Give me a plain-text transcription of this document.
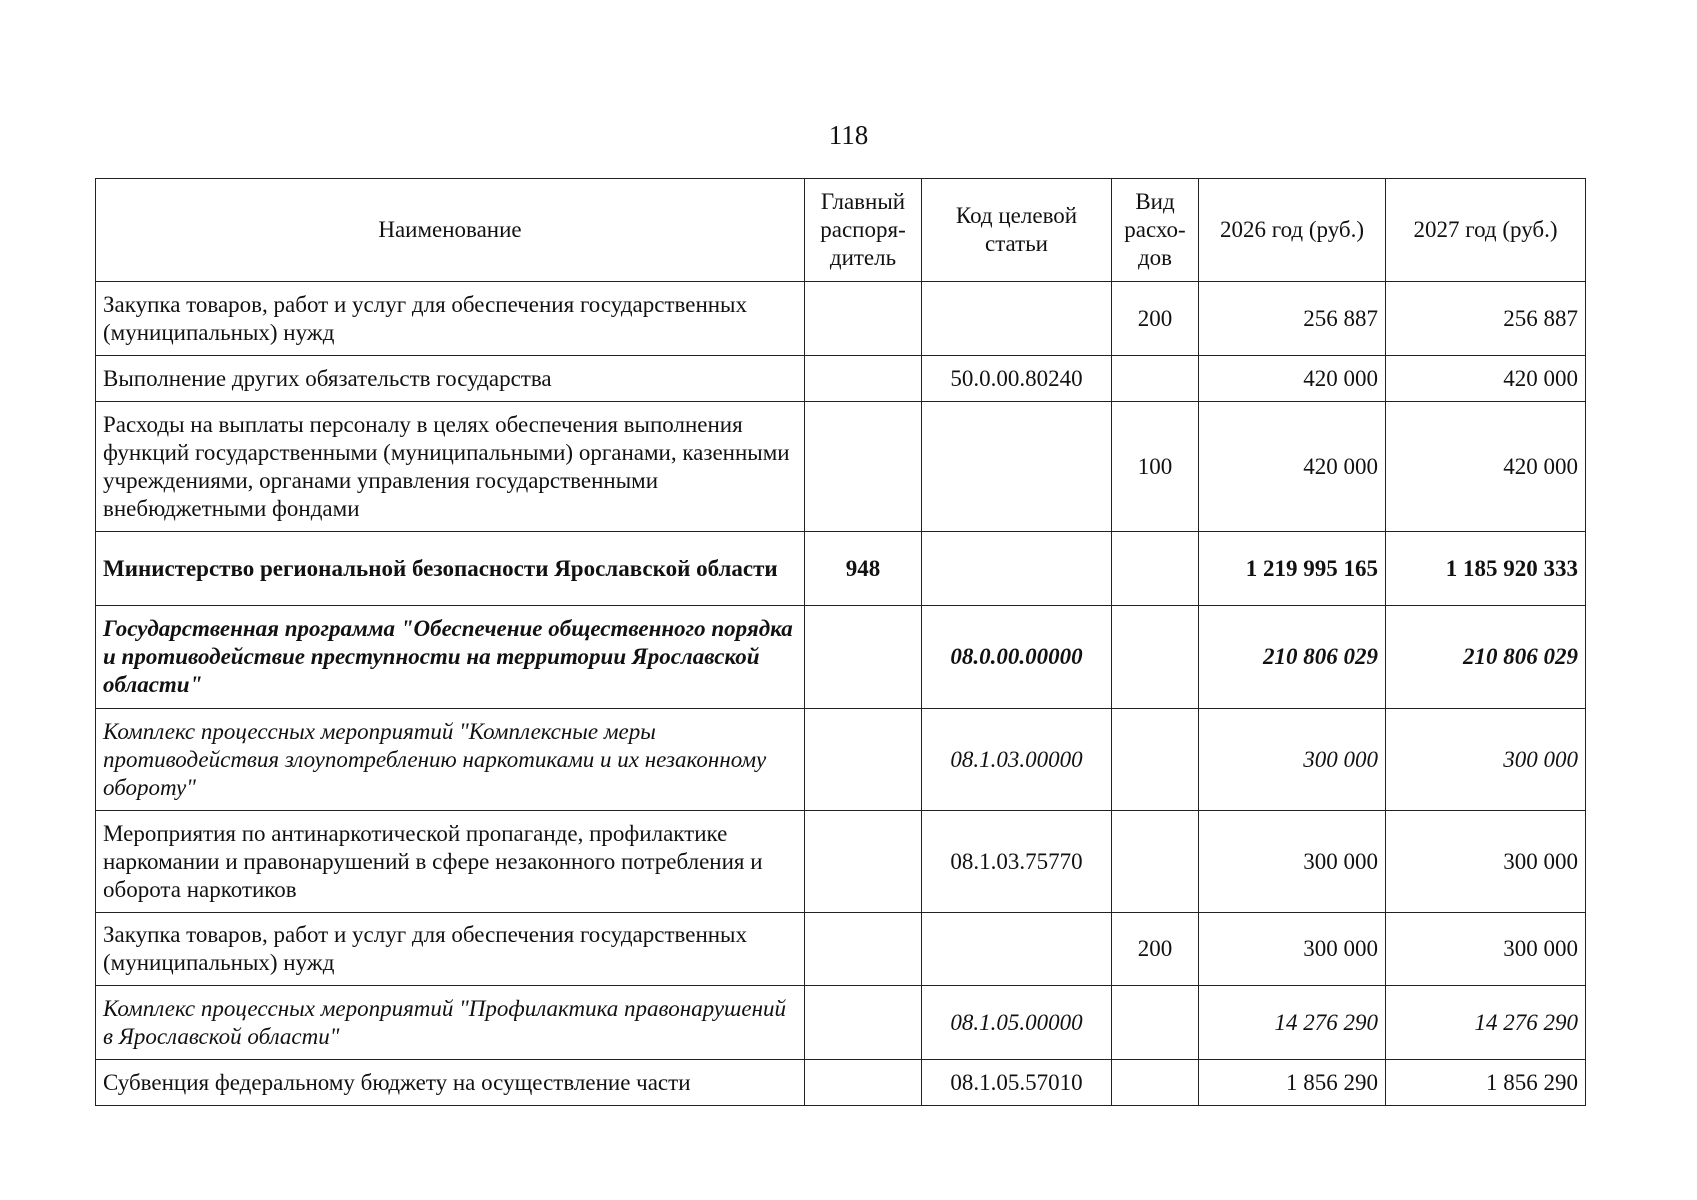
118
Наименование	Главный распоря-дитель	Код целевой статьи	Вид расхо-дов	2026 год (руб.)	2027 год (руб.)
Закупка товаров, работ и услуг для обеспечения государственных (муниципальных) нужд			200	256 887	256 887
Выполнение других обязательств государства		50.0.00.80240		420 000	420 000
Расходы на выплаты персоналу в целях обеспечения выполнения функций государственными (муниципальными) органами, казенными учреждениями, органами управления государственными внебюджетными фондами			100	420 000	420 000
Министерство региональной безопасности Ярославской области	948			1 219 995 165	1 185 920 333
Государственная программа "Обеспечение общественного порядка и противодействие преступности на территории Ярославской области"		08.0.00.00000		210 806 029	210 806 029
Комплекс процессных мероприятий "Комплексные меры противодействия злоупотреблению наркотиками и их незаконному обороту"		08.1.03.00000		300 000	300 000
Мероприятия по антинаркотической пропаганде, профилактике наркомании и правонарушений в сфере незаконного потребления и оборота наркотиков		08.1.03.75770		300 000	300 000
Закупка товаров, работ и услуг для обеспечения государственных (муниципальных) нужд			200	300 000	300 000
Комплекс процессных мероприятий "Профилактика правонарушений в Ярославской области"		08.1.05.00000		14 276 290	14 276 290
Субвенция федеральному бюджету на осуществление части		08.1.05.57010		1 856 290	1 856 290
